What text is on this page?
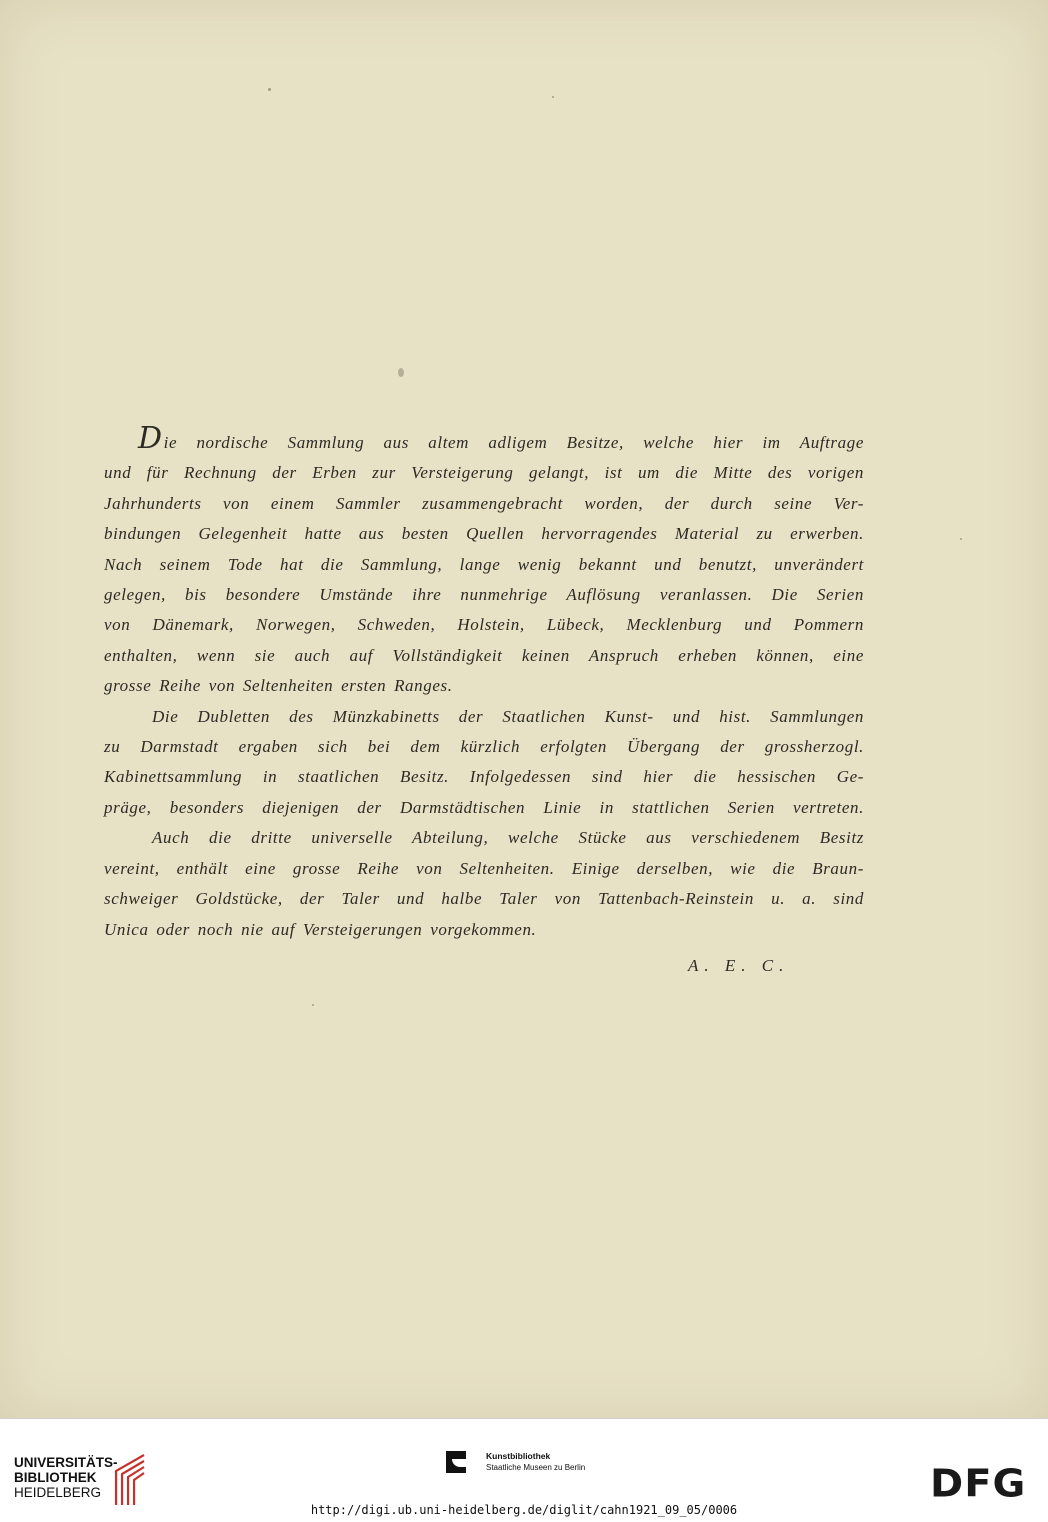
Die nordische Sammlung aus altem adligem Besitze, welche hier im Auftrage
und für Rechnung der Erben zur Versteigerung gelangt, ist um die Mitte des vorigen
Jahrhunderts von einem Sammler zusammengebracht worden, der durch seine Ver-
bindungen Gelegenheit hatte aus besten Quellen hervorragendes Material zu erwerben.
Nach seinem Tode hat die Sammlung, lange wenig bekannt und benutzt, unverändert
gelegen, bis besondere Umstände ihre nunmehrige Auflösung veranlassen. Die Serien
von Dänemark, Norwegen, Schweden, Holstein, Lübeck, Mecklenburg und Pommern
enthalten, wenn sie auch auf Vollständigkeit keinen Anspruch erheben können, eine
grosse Reihe von Seltenheiten ersten Ranges.

Die Dubletten des Münzkabinetts der Staatlichen Kunst- und hist. Sammlungen
zu Darmstadt ergaben sich bei dem kürzlich erfolgten Übergang der grossherzogl.
Kabinettsammlung in staatlichen Besitz. Infolgedessen sind hier die hessischen Ge-
präge, besonders diejenigen der Darmstädtischen Linie in stattlichen Serien vertreten.

Auch die dritte universelle Abteilung, welche Stücke aus verschiedenem Besitz
vereint, enthält eine grosse Reihe von Seltenheiten. Einige derselben, wie die Braun-
schweiger Goldstücke, der Taler und halbe Taler von Tattenbach-Reinstein u. a. sind
Unica oder noch nie auf Versteigerungen vorgekommen.

A. E. C.
UNIVERSITÄTS-
BIBLIOTHEK
HEIDELBERG
Kunstbibliothek
Staatliche Museen zu Berlin	DFG
http://digi.ub.uni-heidelberg.de/diglit/cahn1921_09_05/0006
